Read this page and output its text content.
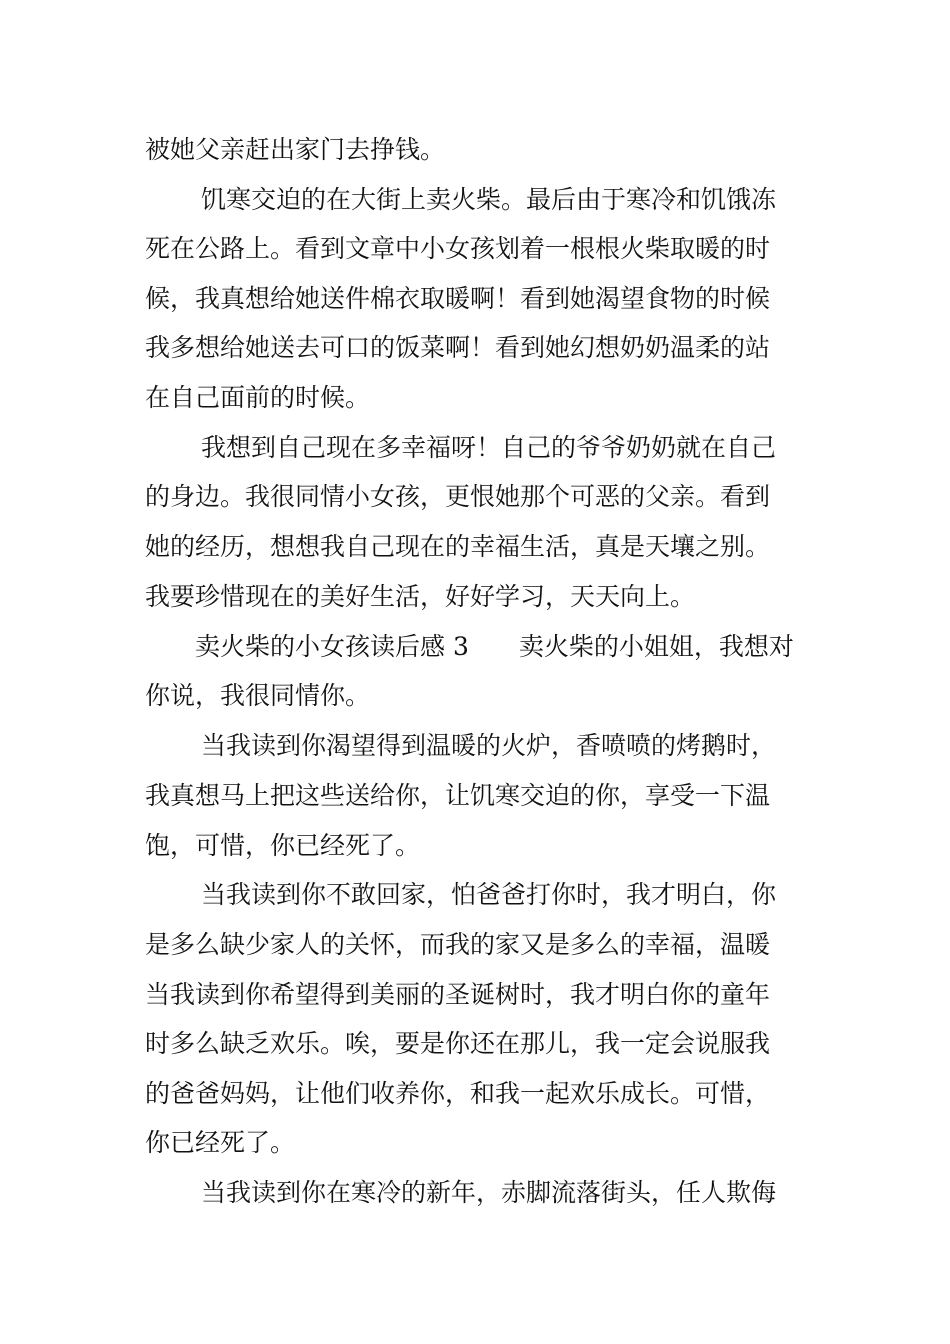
被她父亲赶出家门去挣钱。
饥寒交迫的在大街上卖火柴。最后由于寒冷和饥饿冻
死在公路上。看到文章中小女孩划着一根根火柴取暖的时
候，我真想给她送件棉衣取暖啊！看到她渴望食物的时候
我多想给她送去可口的饭菜啊！看到她幻想奶奶温柔的站
在自己面前的时候。
我想到自己现在多幸福呀！自己的爷爷奶奶就在自己
的身边。我很同情小女孩，更恨她那个可恶的父亲。看到
她的经历，想想我自己现在的幸福生活，真是天壤之别。
我要珍惜现在的美好生活，好好学习，天天向上。
卖火柴的小女孩读后感 3　　卖火柴的小姐姐，我想对
你说，我很同情你。
当我读到你渴望得到温暖的火炉，香喷喷的烤鹅时，
我真想马上把这些送给你，让饥寒交迫的你，享受一下温
饱，可惜，你已经死了。
当我读到你不敢回家，怕爸爸打你时，我才明白，你
是多么缺少家人的关怀，而我的家又是多么的幸福，温暖
当我读到你希望得到美丽的圣诞树时，我才明白你的童年
时多么缺乏欢乐。唉，要是你还在那儿，我一定会说服我
的爸爸妈妈，让他们收养你，和我一起欢乐成长。可惜，
你已经死了。
当我读到你在寒冷的新年，赤脚流落街头，任人欺侮
